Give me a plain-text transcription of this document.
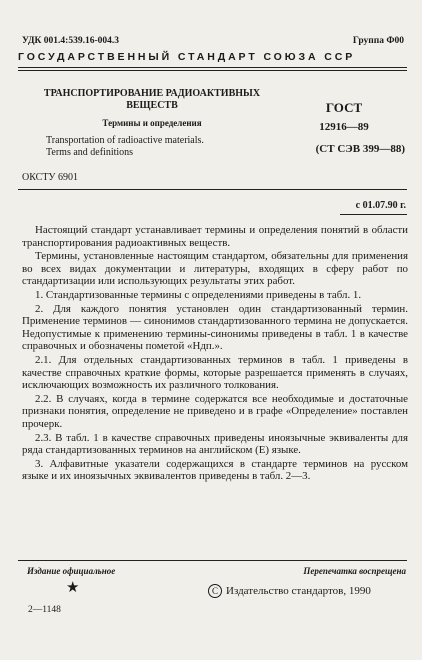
УДК 001.4:539.16-004.3	Группа Ф00
ГОСУДАРСТВЕННЫЙ СТАНДАРТ СОЮЗА ССР
ТРАНСПОРТИРОВАНИЕ РАДИОАКТИВНЫХ
ВЕЩЕСТВ
Термины и определения
Transportation of radioactive materials.
Terms and definitions
ГОСТ
12916—89
(СТ СЭВ 399—88)
ОКСТУ 6901
с 01.07.90 г.

Настоящий стандарт устанавливает термины и определения понятий в области транспортирования радиоактивных веществ.

Термины, установленные настоящим стандартом, обязательны для применения во всех видах документации и литературы, входящих в сферу работ по стандартизации или использующих результаты этих работ.

1. Стандартизованные термины с определениями приведены в табл. 1.

2. Для каждого понятия установлен один стандартизованный термин. Применение терминов — синонимов стандартизованного термина не допускается. Недопустимые к применению термины-синонимы приведены в табл. 1 в качестве справочных и обозначены пометой «Ндп.».

2.1. Для отдельных стандартизованных терминов в табл. 1 приведены в качестве справочных краткие формы, которые разрешается применять в случаях, исключающих возможность их различного толкования.

2.2. В случаях, когда в термине содержатся все необходимые и достаточные признаки понятия, определение не приведено и в графе «Определение» поставлен прочерк.

2.3. В табл. 1 в качестве справочных приведены иноязычные эквиваленты для ряда стандартизованных терминов на английском (Е) языке.

3. Алфавитные указатели содержащихся в стандарте терминов на русском языке и их иноязычных эквивалентов приведены в табл. 2—3.

Издание официальное	Перепечатка воспрещена
★	С Издательство стандартов, 1990
2—1148
